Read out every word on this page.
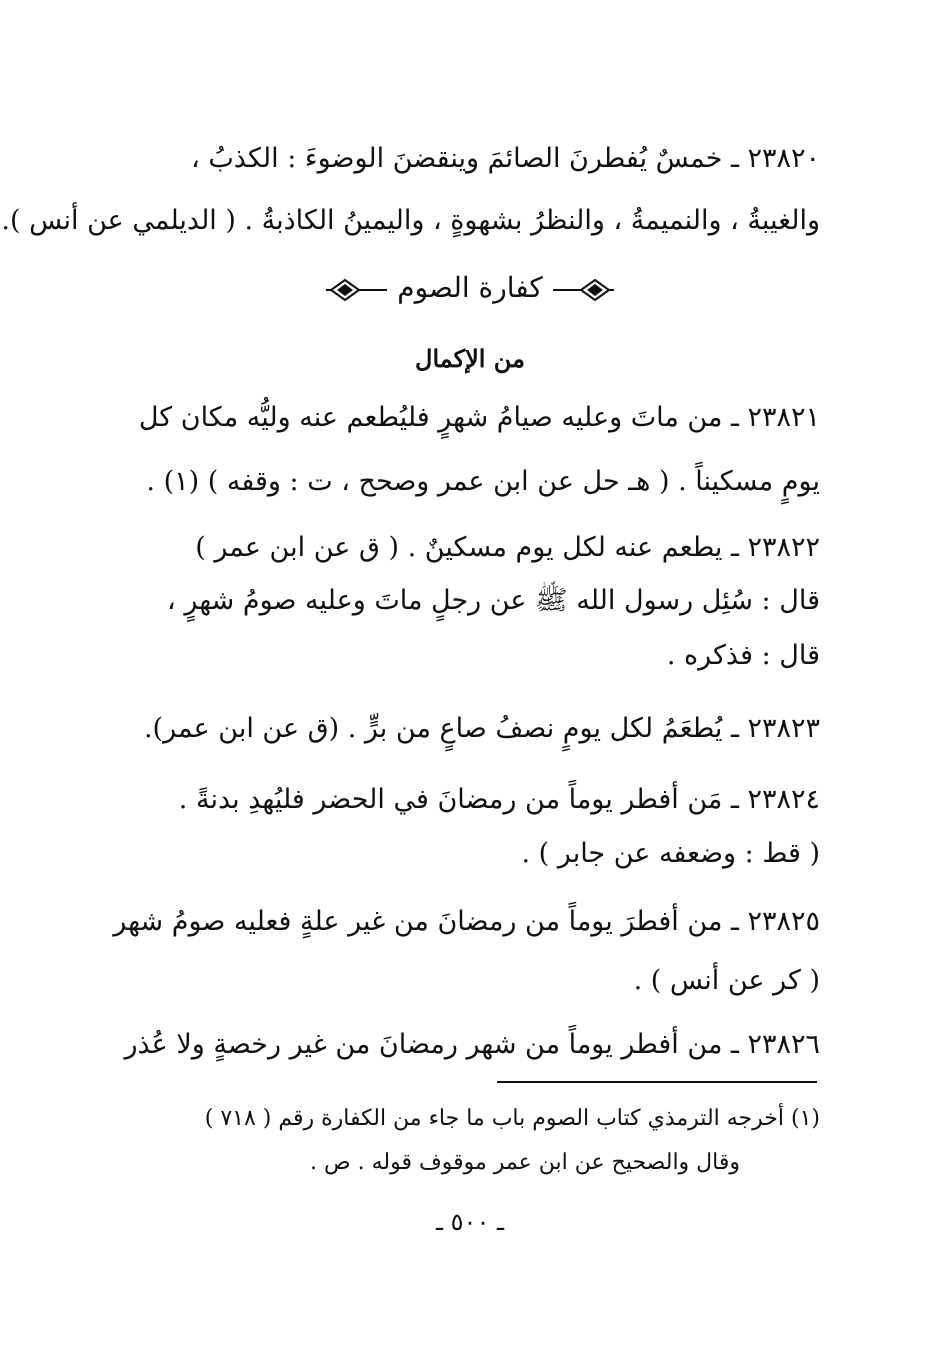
٢٣٨٢٠ ـ خمسٌ يُفطرنَ الصائمَ وينقضنَ الوضوءَ : الكذبُ ،
والغيبةُ ، والنميمةُ ، والنظرُ بشهوةٍ ، واليمينُ الكاذبةُ . ( الديلمي عن أنس ).
كفارة الصوم
من الإكمال
٢٣٨٢١ ـ من ماتَ وعليه صيامُ شهرٍ فليُطعم عنه وليُّه مكان كل
يومٍ مسكيناً . ( هـ حل عن ابن عمر وصحح ، ت : وقفه ) (١) .
٢٣٨٢٢ ـ يطعم عنه لكل يوم مسكينٌ . ( ق عن ابن عمر )
قال : سُئِل رسول الله ﷺ عن رجلٍ ماتَ وعليه صومُ شهرٍ ،
قال : فذكره .
٢٣٨٢٣ ـ يُطعَمُ لكل يومٍ نصفُ صاعٍ من برٍّ . (ق عن ابن عمر).
٢٣٨٢٤ ـ مَن أفطر يوماً من رمضانَ في الحضر فليُهدِ بدنةً .
( قط : وضعفه عن جابر ) .
٢٣٨٢٥ ـ من أفطرَ يوماً من رمضانَ من غير علةٍ فعليه صومُ شهر
( كر عن أنس ) .
٢٣٨٢٦ ـ من أفطر يوماً من شهر رمضانَ من غير رخصةٍ ولا عُذر
(١) أخرجه الترمذي كتاب الصوم باب ما جاء من الكفارة رقم ( ٧١٨ )
وقال والصحيح عن ابن عمر موقوف قوله . ص .
ـ ٥٠٠ ـ
